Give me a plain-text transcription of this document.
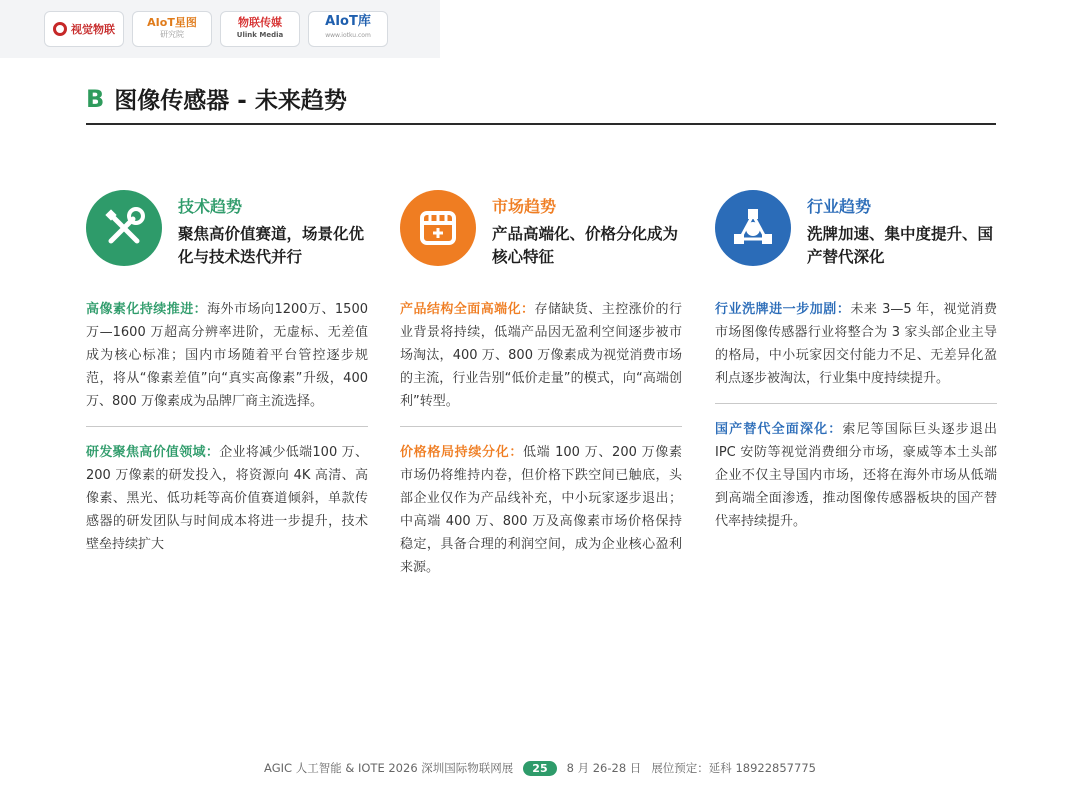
视觉物联
AIoT星图
研究院
物联传媒
Ulink Media
AIoT库
www.iotku.com
B 图像传感器 - 未来趋势
技术趋势
聚焦高价值赛道，场景化优化与技术迭代并行
高像素化持续推进：海外市场向1200万、1500 万—1600 万超高分辨率进阶，无虚标、无差值成为核心标准；国内市场随着平台管控逐步规范，将从“像素差值”向“真实高像素”升级，400 万、800 万像素成为品牌厂商主流选择。
研发聚焦高价值领域：企业将减少低端100 万、200 万像素的研发投入，将资源向 4K 高清、高像素、黑光、低功耗等高价值赛道倾斜，单款传感器的研发团队与时间成本将进一步提升，技术壁垒持续扩大
市场趋势
产品高端化、价格分化成为核心特征
产品结构全面高端化：存储缺货、主控涨价的行业背景将持续，低端产品因无盈利空间逐步被市场淘汰，400 万、800 万像素成为视觉消费市场的主流，行业告别“低价走量”的模式，向“高端创利”转型。
价格格局持续分化：低端 100 万、200 万像素市场仍将维持内卷，但价格下跌空间已触底，头部企业仅作为产品线补充，中小玩家逐步退出；中高端 400 万、800 万及高像素市场价格保持稳定，具备合理的利润空间，成为企业核心盈利来源。
行业趋势
洗牌加速、集中度提升、国产替代深化
行业洗牌进一步加剧：未来 3—5 年，视觉消费市场图像传感器行业将整合为 3 家头部企业主导的格局，中小玩家因交付能力不足、无差异化盈利点逐步被淘汰，行业集中度持续提升。
国产替代全面深化：索尼等国际巨头逐步退出 IPC 安防等视觉消费细分市场，豪威等本土头部企业不仅主导国内市场，还将在海外市场从低端到高端全面渗透，推动图像传感器板块的国产替代率持续提升。
AGIC 人工智能 & IOTE 2026 深圳国际物联网展	25	8 月 26-28 日 展位预定：延科 18922857775
